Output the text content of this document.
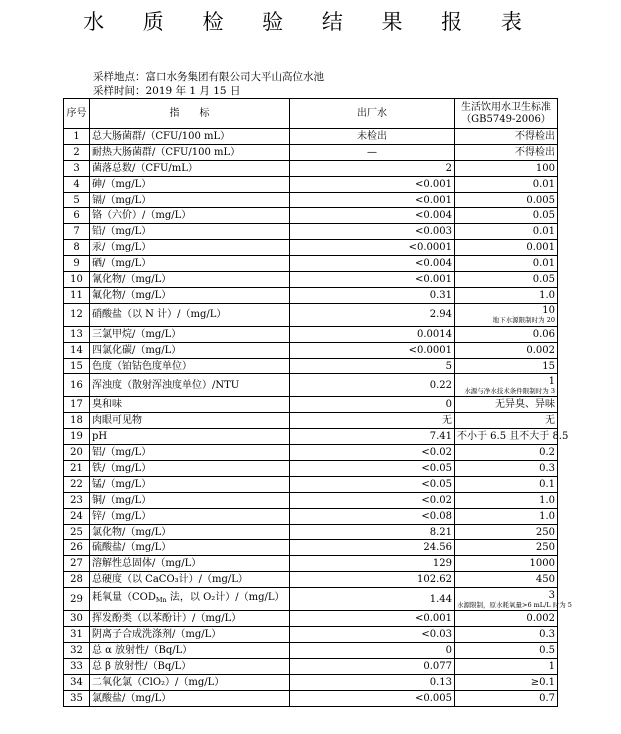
水 质 检 验 结 果 报 表
采样地点：富口水务集团有限公司大平山高位水池
采样时间：2019 年 1 月 15 日
序号	指　　标	出厂水	生活饮用水卫生标准
（GB5749-2006）
1	总大肠菌群/（CFU/100 mL）	未检出	不得检出
2	耐热大肠菌群/（CFU/100 mL）	—	不得检出
3	菌落总数/（CFU/mL）	2	100
4	砷/（mg/L）	<0.001	0.01
5	镉/（mg/L）	<0.001	0.005
6	铬（六价）/（mg/L）	<0.004	0.05
7	铅/（mg/L）	<0.003	0.01
8	汞/（mg/L）	<0.0001	0.001
9	硒/（mg/L）	<0.004	0.01
10	氰化物/（mg/L）	<0.001	0.05
11	氟化物/（mg/L）	0.31	1.0
12	硝酸盐（以 N 计）/（mg/L）	2.94	10
地下水源限制时为 20

13	三氯甲烷/（mg/L）	0.0014	0.06
14	四氯化碳/（mg/L）	<0.0001	0.002
15	色度（铂钴色度单位）	5	15
16	浑浊度（散射浑浊度单位）/NTU	0.22	1
水源与净水技术条件限制时为 3

17	臭和味	0	无异臭、异味
18	肉眼可见物	无	无
19	pH	7.41	不小于 6.5 且不大于 8.5
20	铝/（mg/L）	<0.02	0.2
21	铁/（mg/L）	<0.05	0.3
22	锰/（mg/L）	<0.05	0.1
23	铜/（mg/L）	<0.02	1.0
24	锌/（mg/L）	<0.08	1.0
25	氯化物/（mg/L）	8.21	250
26	硫酸盐/（mg/L）	24.56	250
27	溶解性总固体/（mg/L）	129	1000
28	总硬度（以 CaCO₃计）/（mg/L）	102.62	450
29	耗氧量（$COD_{Mn}$ 法，以 O₂计）/（mg/L）	1.44	3
水源限制，原水耗氧量>6 mL/L 时为 5

30	挥发酚类（以苯酚计）/（mg/L）	<0.001	0.002
31	阴离子合成洗涤剂/（mg/L）	<0.03	0.3
32	总 α 放射性/（Bq/L）	0	0.5
33	总 β 放射性/（Bq/L）	0.077	1
34	二氧化氯（ClO₂）/（mg/L）	0.13	≥0.1
35	氯酸盐/（mg/L）	<0.005	0.7
